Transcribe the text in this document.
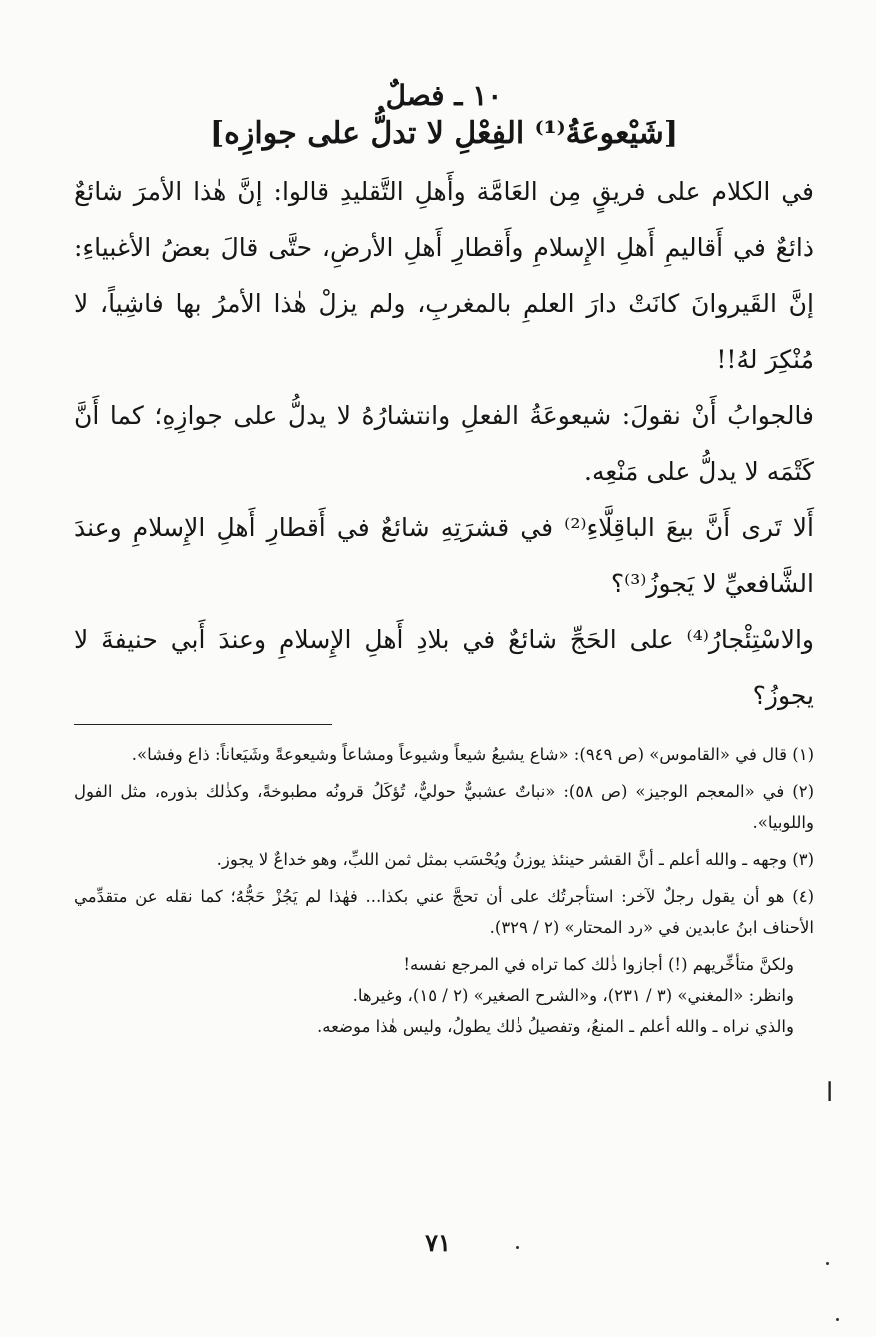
١٠ ـ فصلٌ

[شَيْعوعَةُ⁽¹⁾ الفِعْلِ لا تدلُّ على جوازِه]

في الكلام على فريقٍ مِن العَامَّة وأَهلِ التَّقليدِ قالوا: إنَّ هٰذا الأمرَ شائعٌ ذائعٌ في أَقاليمِ أَهلِ الإِسلامِ وأَقطارِ أَهلِ الأرضِ، حتَّى قالَ بعضُ الأغبياءِ: إنَّ القَيروانَ كانَتْ دارَ العلمِ بالمغربِ، ولم يزلْ هٰذا الأمرُ بها فاشِياً، لا مُنْكِرَ لهُ!!

فالجوابُ أَنْ نقولَ: شيعوعَةُ الفعلِ وانتشارُهُ لا يدلُّ على جوازِهِ؛ كما أَنَّ كَتْمَه لا يدلُّ على مَنْعِه.

أَلا تَرى أَنَّ بيعَ الباقِلَّاءِ⁽²⁾ في قشرَتِهِ شائعٌ في أَقطارِ أَهلِ الإِسلامِ وعندَ الشَّافعيِّ لا يَجوزُ⁽³⁾؟

والاسْتِئْجارُ⁽⁴⁾ على الحَجِّ شائعٌ في بلادِ أَهلِ الإِسلامِ وعندَ أَبي حنيفةَ لا يجوزُ؟

(١) قال في «القاموس» (ص ٩٤٩): «شاع يشيعُ شيعاً وشيوعاً ومشاعاً وشيعوعةً وشَيَعاناً: ذاع وفشا».

(٢) في «المعجم الوجيز» (ص ٥٨): «نباتٌ عشبيٌّ حوليٌّ، تُؤكَلُ قرونُه مطبوخةً، وكذٰلك بذوره، مثل الفول واللوبيا».

(٣) وجهه ـ والله أعلم ـ أنَّ القشر حينئذ يوزنُ ويُحْسَب بمثل ثمن اللبِّ، وهو خداعٌ لا يجوز.

(٤) هو أن يقول رجلٌ لآخر: استأجرتُك على أن تحجَّ عني بكذا... فهٰذا لم يَجُزْ حَجُّهُ؛ كما نقله عن متقدِّمي الأحناف ابنُ عابدين في «رد المحتار» (٢ / ٣٢٩).

ولكنَّ متأخِّريهم (!) أجازوا ذٰلك كما تراه في المرجع نفسه!

وانظر: «المغني» (٣ / ٢٣١)، و«الشرح الصغير» (٢ / ١٥)، وغيرها.

والذي نراه ـ والله أعلم ـ المنعُ، وتفصيلُ ذٰلك يطولُ، وليس هٰذا موضعه.

٧١
ا
